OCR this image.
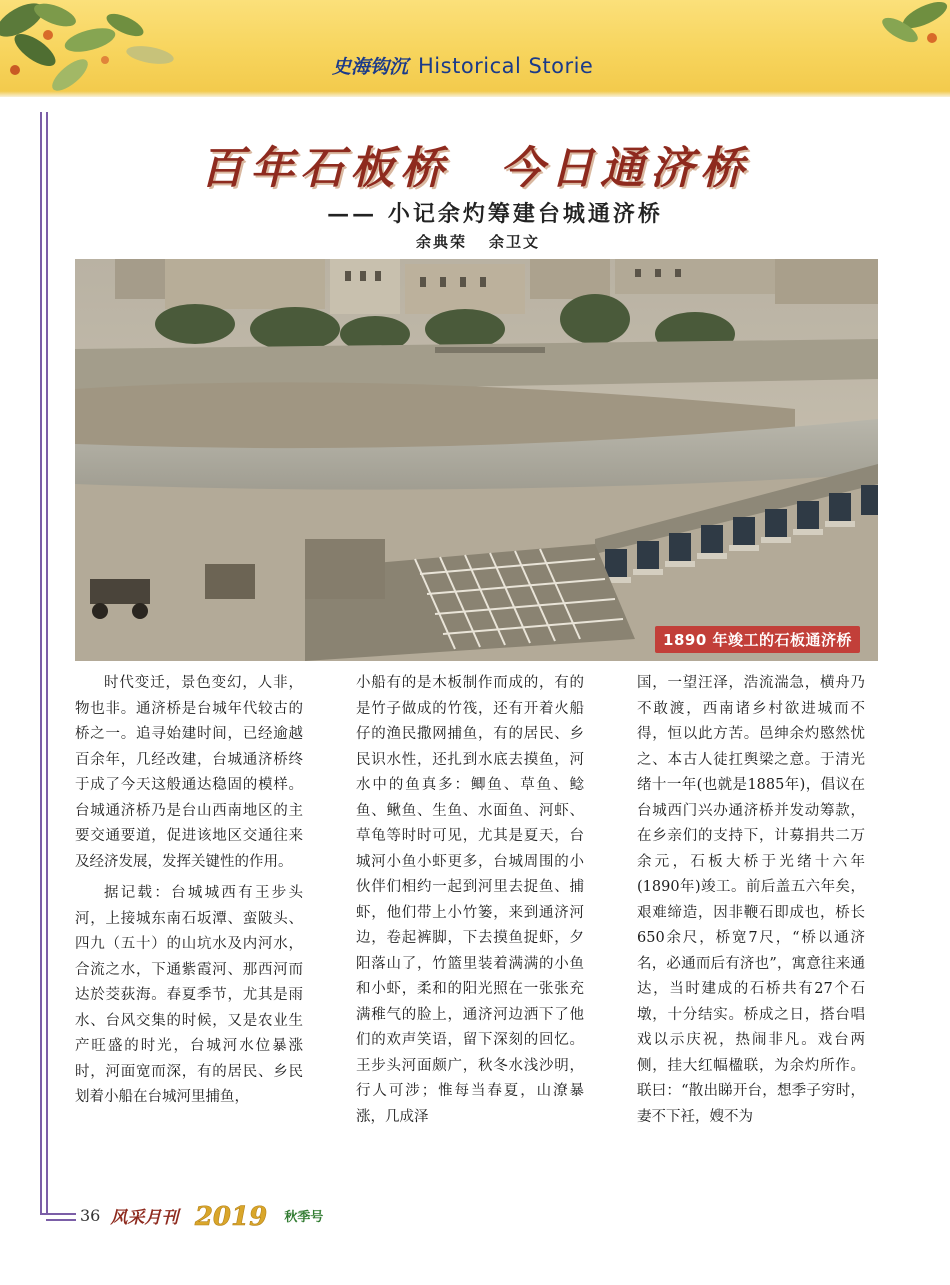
史海钩沉 Historical Storie
百年石板桥　今日通济桥
—— 小记余灼筹建台城通济桥
余典荣 余卫文
1890 年竣工的石板通济桥

时代变迁，景色变幻，人非，物也非。通济桥是台城年代较古的桥之一。追寻始建时间，已经逾越百余年，几经改建，台城通济桥终于成了今天这般通达稳固的模样。台城通济桥乃是台山西南地区的主要交通要道，促进该地区交通往来及经济发展，发挥关键性的作用。

据记载：台城城西有王步头河，上接城东南石坂潭、蛮陂头、四九（五十）的山坑水及内河水，合流之水，下通紫霞河、那西河而达於茭荻海。春夏季节，尤其是雨水、台风交集的时候，又是农业生产旺盛的时光，台城河水位暴涨时，河面宽而深，有的居民、乡民划着小船在台城河里捕鱼，

小船有的是木板制作而成的，有的是竹子做成的竹筏，还有开着火船仔的渔民撒网捕鱼，有的居民、乡民识水性，还扎到水底去摸鱼，河水中的鱼真多：鲫鱼、草鱼、鲶鱼、鳅鱼、生鱼、水面鱼、河虾、草龟等时时可见，尤其是夏天，台城河小鱼小虾更多，台城周围的小伙伴们相约一起到河里去捉鱼、捕虾，他们带上小竹篓，来到通济河边，卷起裤脚，下去摸鱼捉虾，夕阳落山了，竹篮里装着满满的小鱼和小虾，柔和的阳光照在一张张充满稚气的脸上，通济河边洒下了他们的欢声笑语，留下深刻的回忆。王步头河面颇广，秋冬水浅沙明，行人可涉；惟每当春夏，山潦暴涨，几成泽

国，一望汪泽，浩流湍急，横舟乃不敢渡，西南诸乡村欲进城而不得，恒以此方苦。邑绅余灼愍然忧之、本古人徒扛舆梁之意。于清光绪十一年(也就是1885年)，倡议在台城西门兴办通济桥并发动筹款，在乡亲们的支持下，计募捐共二万余元，石板大桥于光绪十六年(1890年)竣工。前后盖五六年矣，艰难缔造，因非鞭石即成也，桥长650余尺，桥宽7尺，“桥以通济名，必通而后有济也”，寓意往来通达，当时建成的石桥共有27个石墩，十分结实。桥成之日，搭台唱戏以示庆祝，热闹非凡。戏台两侧，挂大红幅楹联，为余灼所作。联曰：“散出睇开台，想季子穷时，妻不下衽，嫂不为

36 风采月刊 2019 秋季号
